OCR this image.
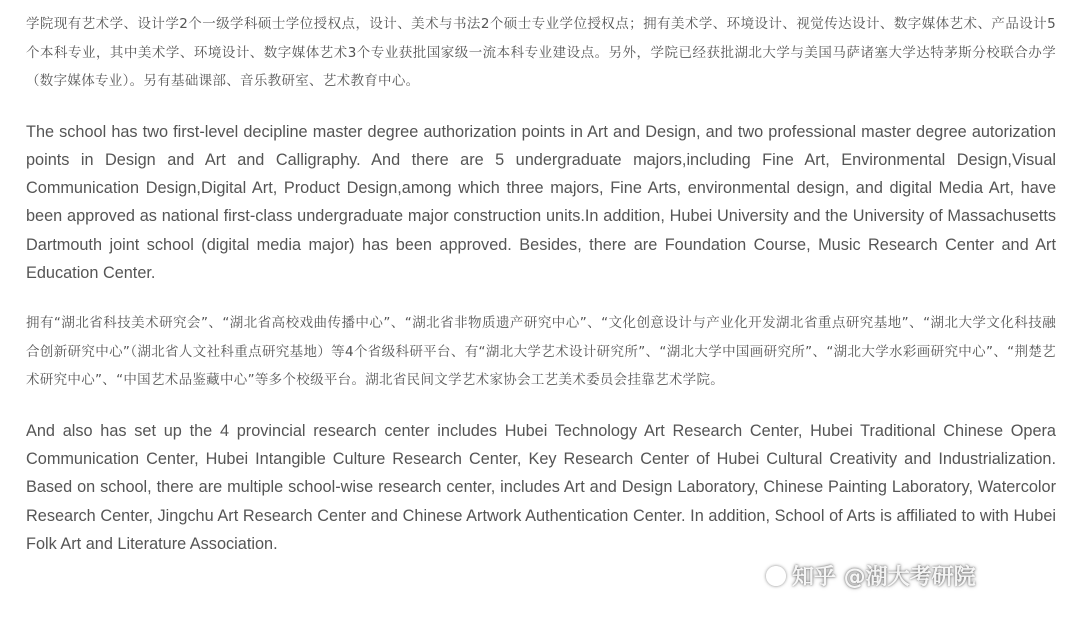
学院现有艺术学、设计学2个一级学科硕士学位授权点，设计、美术与书法2个硕士专业学位授权点；拥有美术学、环境设计、视觉传达设计、数字媒体艺术、产品设计5个本科专业，其中美术学、环境设计、数字媒体艺术3个专业获批国家级一流本科专业建设点。另外，学院已经获批湖北大学与美国马萨诸塞大学达特茅斯分校联合办学（数字媒体专业）。另有基础课部、音乐教研室、艺术教育中心。

The school has two first-level decipline master degree authorization points in Art and Design, and two professional master degree autorization points in Design and Art and Calligraphy. And there are 5 undergraduate majors,including Fine Art, Environmental Design,Visual Communication Design,Digital Art, Product Design,among which three majors, Fine Arts, environmental design, and digital Media Art, have been approved as national first-class undergraduate major construction units.In addition, Hubei University and the University of Massachusetts Dartmouth joint school (digital media major) has been approved. Besides, there are Foundation Course, Music Research Center and Art Education Center.

拥有“湖北省科技美术研究会”、“湖北省高校戏曲传播中心”、“湖北省非物质遗产研究中心”、“文化创意设计与产业化开发湖北省重点研究基地”、“湖北大学文化科技融合创新研究中心”（湖北省人文社科重点研究基地）等4个省级科研平台、有“湖北大学艺术设计研究所”、“湖北大学中国画研究所”、“湖北大学水彩画研究中心”、“荆楚艺术研究中心”、“中国艺术品鉴藏中心”等多个校级平台。湖北省民间文学艺术家协会工艺美术委员会挂靠艺术学院。

And also has set up the 4 provincial research center includes Hubei Technology Art Research Center, Hubei Traditional Chinese Opera Communication Center, Hubei Intangible Culture Research Center, Key Research Center of Hubei Cultural Creativity and Industrialization. Based on school, there are multiple school-wise research center, includes Art and Design Laboratory, Chinese Painting Laboratory, Watercolor Research Center, Jingchu Art Research Center and Chinese Artwork Authentication Center. In addition, School of Arts is affiliated to with Hubei Folk Art and Literature Association.

知乎 @湖大考研院
